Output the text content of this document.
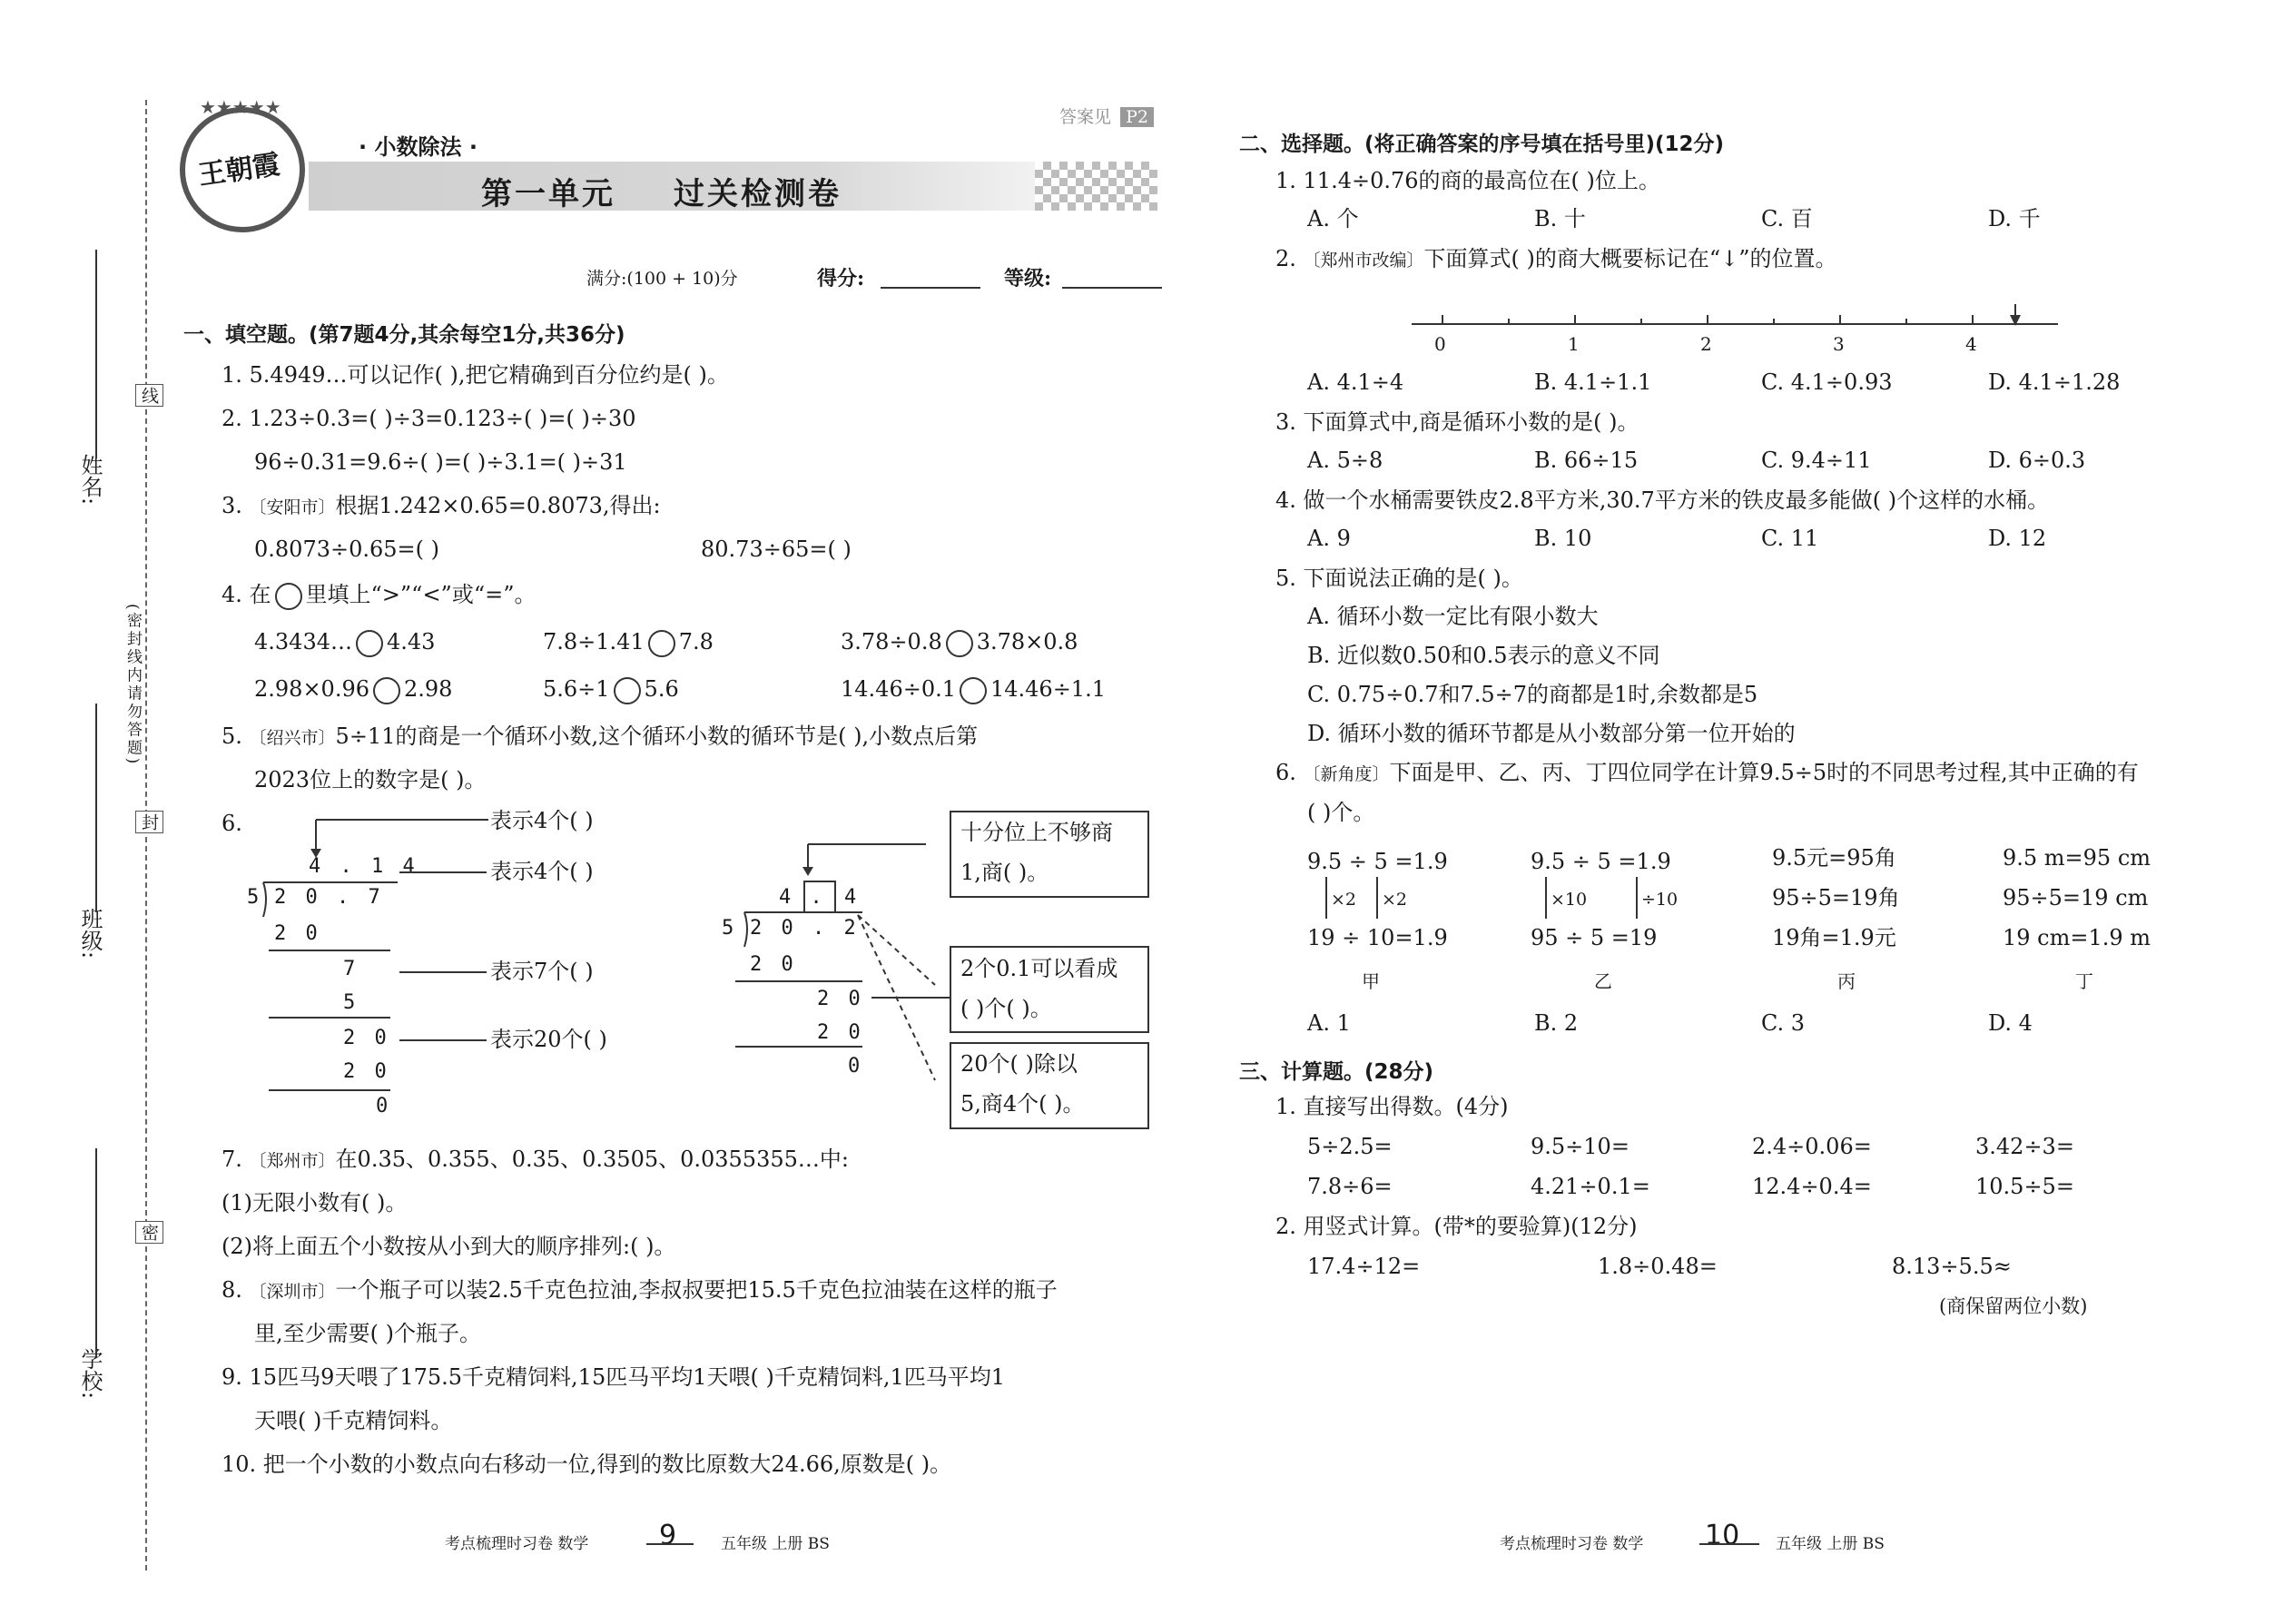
姓名:
班级:
学校:
线
封
密
(密封线内请勿答题)
王朝霞
★★★★★
· 小数除法 ·
答案见 P2
第一单元 过关检测卷
满分:(100 + 10)分	得分:	等级:
一、填空题。(第7题4分,其余每空1分,共36分)
1. 5.4949…可以记作( ),把它精确到百分位约是( )。
2. 1.23÷0.3=( )÷3=0.123÷( )=( )÷30
96÷0.31=9.6÷( )=( )÷3.1=( )÷31
3. 〔安阳市〕根据1.242×0.65=0.8073,得出:
0.8073÷0.65=( )	80.73÷65=( )
4. 在 里填上“>”“<”或“=”。
4.3434… 4.43	7.8÷1.41 7.8	3.78÷0.8 3.78×0.8
2.98×0.96 2.98	5.6÷1 5.6	14.46÷0.1 14.46÷1.1
5. 〔绍兴市〕5÷11的商是一个循环小数,这个循环小数的循环节是( ),小数点后第
2023位上的数字是( )。
6.
4 . 1 4
5 2 0 . 7
2 0
7
5
2 0
2 0
0
表示4个( )
表示4个( )
表示7个( )
表示20个( )
4 . 4
5 2 0 . 2
2 0
2 0
2 0
0
十分位上不够商
1,商( )。
2个0.1可以看成
( )个( )。
20个( )除以
5,商4个( )。
7. 〔郑州市〕在0.35、0.355、0.35、0.3505、0.0355355…中:
(1)无限小数有( )。
(2)将上面五个小数按从小到大的顺序排列:( )。
8. 〔深圳市〕一个瓶子可以装2.5千克色拉油,李叔叔要把15.5千克色拉油装在这样的瓶子
里,至少需要( )个瓶子。
9. 15匹马9天喂了175.5千克精饲料,15匹马平均1天喂( )千克精饲料,1匹马平均1
天喂( )千克精饲料。
10. 把一个小数的小数点向右移动一位,得到的数比原数大24.66,原数是( )。
考点梳理时习卷 数学	9	五年级 上册 BS
二、选择题。(将正确答案的序号填在括号里)(12分)
1. 11.4÷0.76的商的最高位在( )位上。
A. 个	B. 十	C. 百	D. 千
2. 〔郑州市改编〕下面算式( )的商大概要标记在“↓”的位置。
0	1	2	3	4
A. 4.1÷4	B. 4.1÷1.1	C. 4.1÷0.93	D. 4.1÷1.28
3. 下面算式中,商是循环小数的是( )。
A. 5÷8	B. 66÷15	C. 9.4÷11	D. 6÷0.3
4. 做一个水桶需要铁皮2.8平方米,30.7平方米的铁皮最多能做( )个这样的水桶。
A. 9	B. 10	C. 11	D. 12
5. 下面说法正确的是( )。
A. 循环小数一定比有限小数大
B. 近似数0.50和0.5表示的意义不同
C. 0.75÷0.7和7.5÷7的商都是1时,余数都是5
D. 循环小数的循环节都是从小数部分第一位开始的
6. 〔新角度〕下面是甲、乙、丙、丁四位同学在计算9.5÷5时的不同思考过程,其中正确的有
( )个。
9.5 ÷ 5 =1.9
×2 ×2
19 ÷ 10=1.9
甲
9.5 ÷ 5 =1.9
×10	÷10
95 ÷ 5 =19
乙
9.5元=95角
95÷5=19角
19角=1.9元
丙
9.5 m=95 cm
95÷5=19 cm
19 cm=1.9 m
丁
A. 1	B. 2	C. 3	D. 4
三、计算题。(28分)
1. 直接写出得数。(4分)
5÷2.5=	9.5÷10=	2.4÷0.06=	3.42÷3=
7.8÷6=	4.21÷0.1=	12.4÷0.4=	10.5÷5=
2. 用竖式计算。(带*的要验算)(12分)
17.4÷12=	1.8÷0.48=	8.13÷5.5≈
(商保留两位小数)
考点梳理时习卷 数学 10 五年级 上册 BS
